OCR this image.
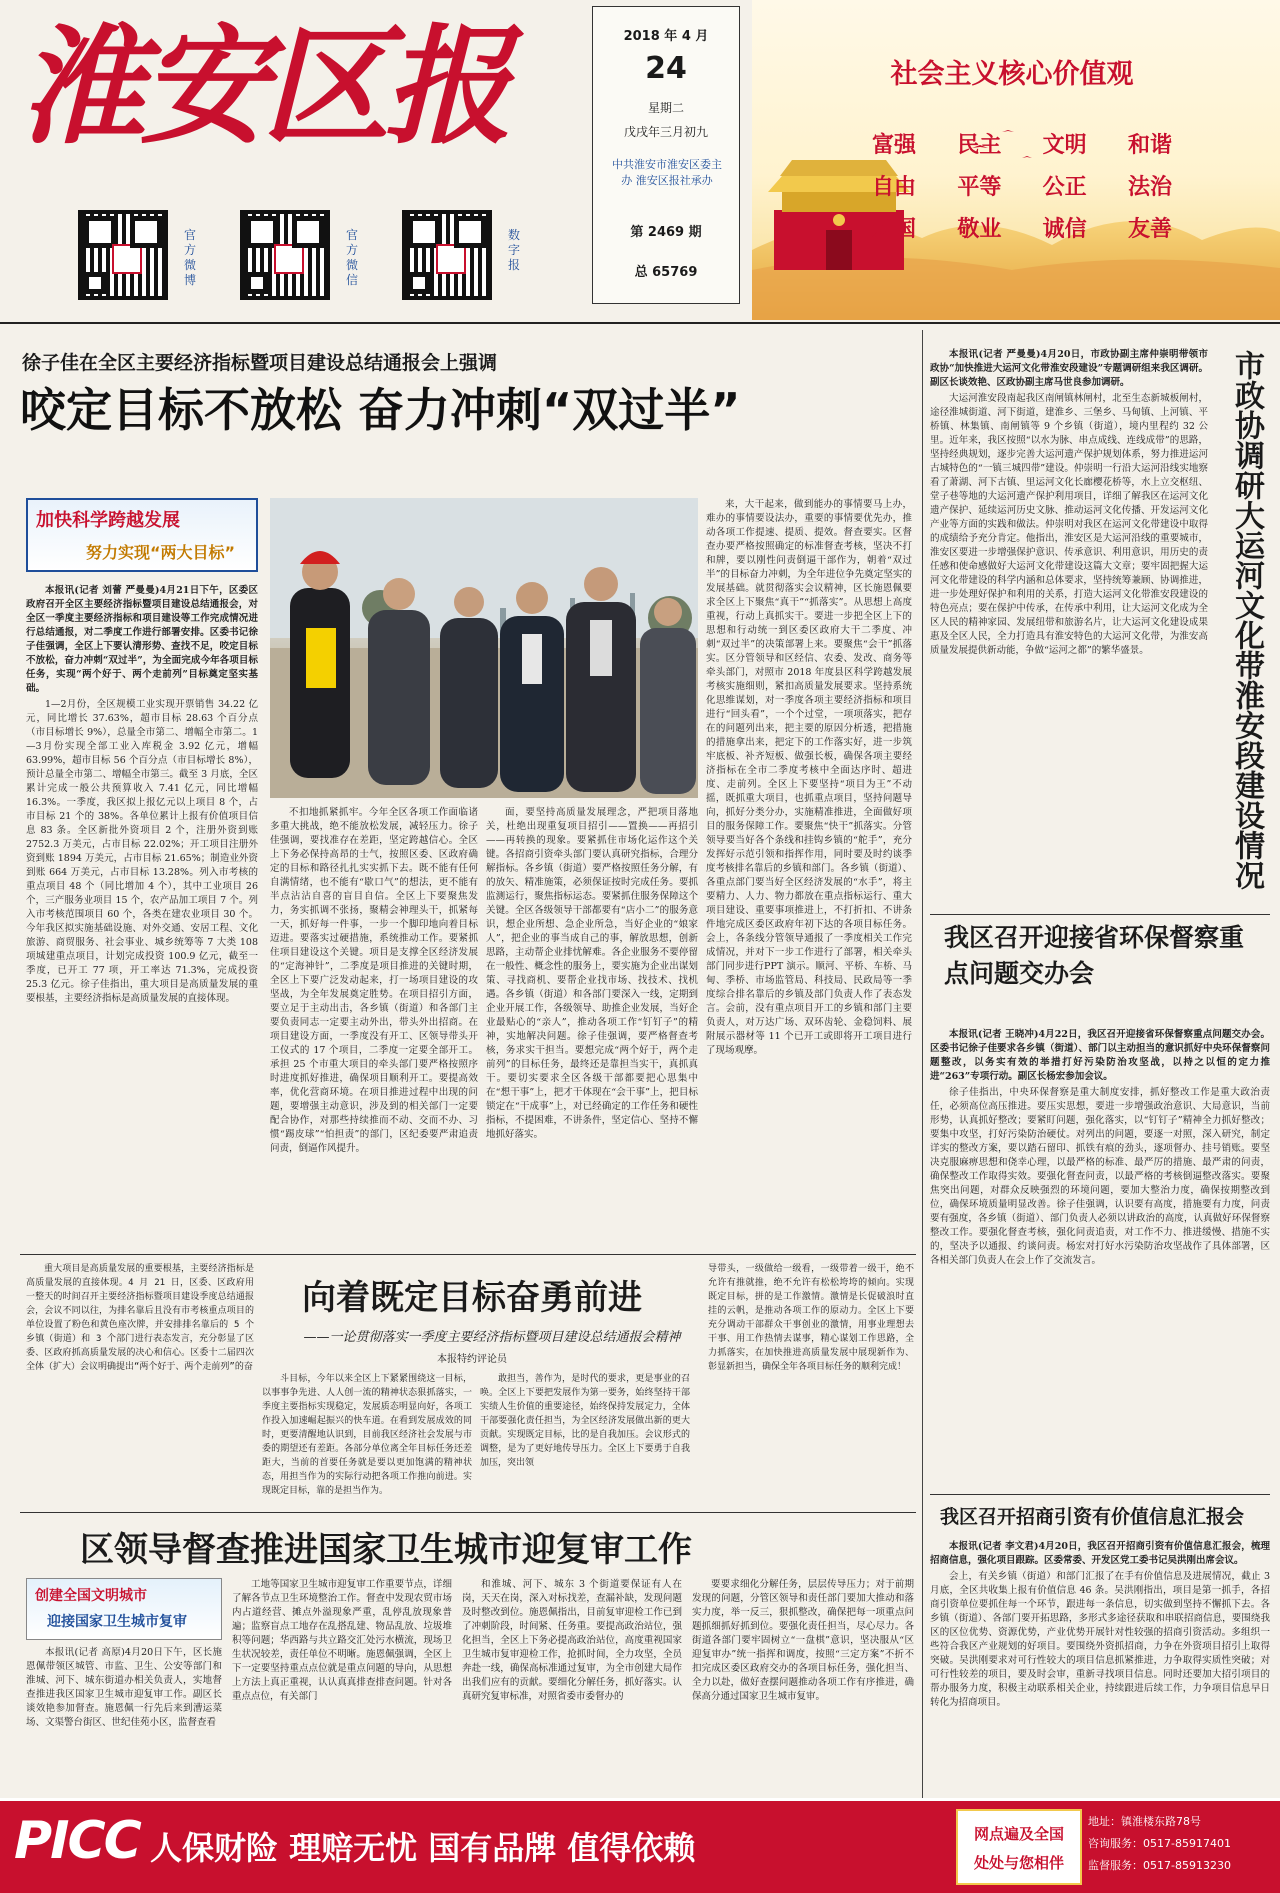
淮安区报
官方微博
官方微信
数字报
2018 年 4 月
24
星期二
戊戌年三月初九
中共淮安市淮安区委主办 淮安区报社承办
第 2469 期
总 65769
社会主义核心价值观
富强 民主 文明 和谐
自由 平等 公正 法治
爱国 敬业 诚信 友善
徐子佳在全区主要经济指标暨项目建设总结通报会上强调
咬定目标不放松 奋力冲刺“双过半”
加快科学跨越发展
努力实现“两大目标”

本报讯(记者 刘蕾 严曼曼)4月21日下午，区委区政府召开全区主要经济指标暨项目建设总结通报会，对全区一季度主要经济指标和项目建设等工作完成情况进行总结通报，对二季度工作进行部署安排。区委书记徐子佳强调，全区上下要认清形势、查找不足，咬定目标不放松，奋力冲刺“双过半”，为全面完成今年各项目标任务，实现“两个好于、两个走前列”目标奠定坚实基础。

1—2月份，全区规模工业实现开票销售 34.22 亿元，同比增长 37.63%，超市目标 28.63 个百分点（市目标增长 9%），总量全市第二、增幅全市第二。1—3月份实现全部工业入库税金 3.92 亿元，增幅 63.99%，超市目标 56 个百分点（市目标增长 8%），预计总量全市第二、增幅全市第三。截至 3 月底，全区累计完成一般公共预算收入 7.41 亿元，同比增幅 16.3%。一季度，我区拟上报亿元以上项目 8 个，占市目标 21 个的 38%。各单位累计上报有价值项目信息 83 条。全区新批外资项目 2 个，注册外资到账 2752.3 万美元，占市目标 22.02%；开工项目注册外资到账 1894 万美元，占市目标 21.65%；制造业外资到账 664 万美元，占市目标 13.28%。列入市考核的重点项目 48 个（同比增加 4 个），其中工业项目 26 个，三产服务业项目 15 个，农产品加工项目 7 个。列入市考核范围项目 60 个，各类在建农业项目 30 个。今年我区拟实施基础设施、对外交通、安居工程、文化旅游、商贸服务、社会事业、城乡统筹等 7 大类 108 项城建重点项目，计划完成投资 100.9 亿元，截至一季度，已开工 77 项，开工率达 71.3%，完成投资 25.3 亿元。徐子佳指出，重大项目是高质量发展的重要根基，主要经济指标是高质量发展的直接体现。

不扣地抓紧抓牢。今年全区各项工作面临诸多重大挑战，绝不能放松发展，减轻压力。徐子佳强调，要找准存在差距，坚定跨越信心。全区上下务必保持高昂的士气，按照区委、区政府确定的目标和路径扎扎实实抓下去。既不能有任何自满情绪，也不能有“歇口气”的想法，更不能有半点沾沾自喜的盲目自信。全区上下要聚焦发力，务实抓调不张扬，聚精会神理头干，抓紧每一天，抓好每一件事，一步一个脚印地向着目标迈进。要落实过硬措施，系统推动工作。要紧抓住项目建设这个关键。项目是支撑全区经济发展的“定海神针”，二季度是项目推进的关键时期，全区上下要广泛发动起来，打一场项目建设的攻坚战，为全年发展奠定胜势。在项目招引方面，要立足于主动出击，各乡镇（街道）和各部门主要负责同志一定要主动外出，带头外出招商。在项目建设方面，一季度没有开工、区领导带头开工仪式的 17 个项目，二季度一定要全部开工。承担 25 个市重大项目的牵头部门要严格按照序时进度抓好推进，确保项目顺利开工。要提高效率，优化营商环境。在项目推进过程中出现的问题，要增强主动意识，涉及到的相关部门一定要配合协作，对那些持续推而不动、交而不办、习惯“踢皮球”“怕担责”的部门，区纪委要严肃追责问责，倒逼作风提升。
面，要坚持高质量发展理念，严把项目落地关，杜绝出现重复项目招引——置换——再招引——再转换的现象。要紧抓住市场化运作这个关键。各招商引资牵头部门要认真研究指标，合理分解指标。各乡镇（街道）要严格按照任务分解，有的放矢、精准施策，必须保证按时完成任务。要抓监测运行，聚焦指标运态。要紧抓住服务保障这个关键。全区各级领导干部都要有“店小二”的服务意识，想企业所想、急企业所急，当好企业的“娘家人”，把企业的事当成自己的事，解放思想，创新思路，主动帮企业排忧解难。各企业服务不要停留在一般性、概念性的服务上，要实施为企业出谋划策、寻找商机、要帮企业找市场、找技术、找机遇。各乡镇（街道）和各部门要深入一线，定期到企业开展工作，各级领导、助推企业发展，当好企业最贴心的“亲人”，推动各项工作“钉钉子”的精神，实地解决问题。徐子佳强调，要严格督查考核，务求实干担当。要想完成“两个好于，两个走前列”的目标任务，最终还是靠担当实干，真抓真干。要切实要求全区各级干部都要把心思集中在“想干事”上，把才干体现在“会干事”上，把目标锁定在“干成事”上，对已经确定的工作任务和硬性指标，不提困难，不讲条件，坚定信心、坚持不懈地抓好落实。
来，大干起来，做到能办的事情要马上办，难办的事情要设法办，重要的事情要优先办，推动各项工作提速、提质、提效。督查要实。区督查办要严格按照确定的标准督查考核，坚决不打和牌，要以刚性问责倒逼干部作为，朝着“双过半”的目标奋力冲刺，为全年进位争先奠定坚实的发展基础。就贯彻落实会议精神，区长施恩佩要求全区上下聚焦“真干”“抓落实”。从思想上高度重视，行动上真抓实干。要进一步把全区上下的思想和行动统一到区委区政府大干二季度、冲刺“双过半”的决策部署上来。要聚焦“会干”抓落实。区分管领导和区经信、农委、发改、商务等牵头部门，对照市 2018 年度县区科学跨越发展考核实施细则，紧扣高质量发展要求。坚持系统化思维谋划，对一季度各项主要经济指标和项目进行“回头看”，一个个过堂，一项项落实，把存在的问题列出来，把主要的原因分析透，把措施的措施拿出来，把定下的工作落实好，进一步筑牢底板、补齐短板、做强长板，确保各项主要经济指标在全市二季度考核中全面达序时、超进度、走前列。全区上下要坚持“项目为王”不动摇，既抓重大项目，也抓重点项目，坚持问题导向，抓好分类分办，实施精准推进，全面做好项目的服务保障工作。要聚焦“快干”抓落实。分管领导要当好各个条线和挂钩乡镇的“舵手”，充分发挥好示范引领和指挥作用，同时要及时约谈季度考核排名靠后的乡镇和部门。各乡镇（街道）、各重点部门要当好全区经济发展的“水手”，将主要精力、人力、物力都放在重点指标运行、重大项目建设、重要事项推进上，不打折扣、不讲条件地完成区委区政府年初下达的各项目标任务。会上，各条线分管领导通报了一季度相关工作完成情况，并对下一步工作进行了部署，相关牵头部门同步进行PPT 演示。顺河、平桥、车桥、马甸、季桥、市场监管局、科技局、民政局等一季度综合排名靠后的乡镇及部门负责人作了表态发言。会前，没有重点项目开工的乡镇和部门主要负责人，对万达广场、双环齿轮、金稳饲料、展附展示器材等 11 个已开工或即将开工项目进行了现场观摩。
重大项目是高质量发展的重要根基，主要经济指标是高质量发展的直接体现。4 月 21 日，区委、区政府用一整天的时间召开主要经济指标暨项目建设季度总结通报会，会议不同以往，为排名靠后且没有市考核重点项目的单位设置了粉色和黄色座次牌，并安排排名靠后的 5 个乡镇（街道）和 3 个部门进行表态发言，充分彰显了区委、区政府抓高质量发展的决心和信心。区委十二届四次全体（扩大）会议明确提出“两个好于、两个走前列”的奋
向着既定目标奋勇前进
——一论贯彻落实一季度主要经济指标暨项目建设总结通报会精神
本报特约评论员
斗目标，今年以来全区上下紧紧围绕这一目标，以事事争先进、人人创一流的精神状态狠抓落实，一季度主要指标实现稳定，发展质态明显向好，各项工作投入加速崛起振兴的快车道。在看到发展成效的同时，更要清醒地认识到，目前我区经济社会发展与市委的期望还有差距。各部分单位离全年目标任务还差距大，当前的首要任务就是要以更加饱满的精神状态，用担当作为的实际行动把各项工作推向前进。实现既定目标，靠的是担当作为。
敢担当，善作为，是时代的要求，更是事业的召唤。全区上下要把发展作为第一要务，始终坚持干部实绩人生价值的重要途径，始终保持发展定力，全体干部要强化责任担当，为全区经济发展做出新的更大贡献。实现既定目标，比的是自我加压。会议形式的调整，是为了更好地传导压力。全区上下要勇于自我加压，突出领
导带头，一级做给一级看，一级带着一级干，绝不允许有推就推，绝不允许有松松垮垮的倾向。实现既定目标，拼的是工作激情。激情是长促破浪时直挂的云帆，是推动各项工作的原动力。全区上下要充分调动干部群众干事创业的激情，用事业理想去干事、用工作热情去谋事，精心谋划工作思路，全力抓落实，在加快推进高质量发展中展现新作为、彰显新担当，确保全年各项目标任务的顺利完成！
区领导督查推进国家卫生城市迎复审工作
创建全国文明城市
迎接国家卫生城市复审
本报讯(记者 高原)4月20日下午，区长施恩佩带领区城管、市监、卫生、公安等部门和淮城、河下、城东街道办相关负责人，实地督查推进我区国家卫生城市迎复审工作。副区长谈效艳参加督查。施恩佩一行先后来到漕运菜场、文渠警台街区、世纪佳苑小区，监督查看
工地等国家卫生城市迎复审工作重要节点，详细了解各节点卫生环境整治工作。督查中发现农贸市场内占道经营、摊点外溢现象严重，乱停乱放现象普遍；监察盲点工地存在乱搭乱建、物品乱放、垃圾堆积等问题；华西路与共立路交汇处污水横流，现场卫生状况较差，责任单位不明晰。施恩佩强调，全区上下一定要坚持重点点位就是重点问题的导向，从思想上方法上真正重视，认认真真排查排查问题。针对各重点点位，有关部门
和淮城、河下、城东 3 个街道要保证有人在岗，天天在岗，深入对标找差，查漏补缺，发现问题及时整改到位。施恩佩指出，目前复审迎检工作已到了冲刺阶段，时间紧、任务重。要提高政治站位，强化担当，全区上下务必提高政治站位，高度重视国家卫生城市复审迎检工作，抢抓时间，全力攻坚，全员奔赴一线，确保高标准通过复审，为全市创建大局作出我们应有的贡献。要细化分解任务，抓好落实。认真研究复审标准，对照省委市委督办的
要要求细化分解任务，层层传导压力；对于前期发现的问题，分管区领导和责任部门要加大推动和落实力度，举一反三，狠抓整改，确保把每一项重点问题抓细抓好抓到位。要强化责任担当，尽心尽力。各街道各部门要牢固树立“一盘棋”意识，坚决服从“区迎复审办”统一指挥和调度，按照“三定方案”不折不扣完成区委区政府交办的各项目标任务，强化担当、全力以赴，做好查摆问题推动各项工作有序推进，确保高分通过国家卫生城市复审。

本报讯(记者 严曼曼)4月20日，市政协副主席仲崇明带领市政协“加快推进大运河文化带淮安段建设”专题调研组来我区调研。副区长谈效艳、区政协副主席马世良参加调研。

大运河淮安段南起我区南闸镇林闸村，北至生态新城板闸村，途径淮城街道、河下街道，建淮乡、三堡乡、马甸镇、上河镇、平桥镇、林集镇、南闸镇等 9 个乡镇（街道），境内里程约 32 公里。近年来，我区按照“以水为脉、串点成线、连线成带”的思路，坚持经典规划，逐步完善大运河遗产保护规划体系，努力推进运河古城特色的“一镇三城四带”建设。仲崇明一行沿大运河沿线实地察看了萧湖、河下古镇、里运河文化长廊樱花桥等，水上立交枢纽、堂子巷等地的大运河遗产保护利用项目，详细了解我区在运河文化遗产保护、延续运河历史文脉、推动运河文化传播、开发运河文化产业等方面的实践和做法。仲崇明对我区在运河文化带建设中取得的成绩给予充分肯定。他指出，淮安区是大运河沿线的重要城市，淮安区要进一步增强保护意识、传承意识、利用意识，用历史的责任感和使命感做好大运河文化带建设这篇大文章；要牢固把握大运河文化带建设的科学内涵和总体要求，坚持统筹兼顾、协调推进，进一步处理好保护和利用的关系，打造大运河文化带淮安段建设的特色亮点；要在保护中传承，在传承中利用，让大运河文化成为全区人民的精神家园、发展纽带和旅游名片，让大运河文化建设成果惠及全区人民，全力打造具有淮安特色的大运河文化带，为淮安高质量发展提供新动能，争做“运河之都”的繁华盛景。	市政协调研大运河文化带淮安段建设情况
我区召开迎接省环保督察重点问题交办会

本报讯(记者 王晓冲)4月22日，我区召开迎接省环保督察重点问题交办会。区委书记徐子佳要求各乡镇（街道）、部门以主动担当的意识抓好中央环保督察问题整改，以务实有效的举措打好污染防治攻坚战，以持之以恒的定力推进“263”专项行动。副区长杨宏参加会议。

徐子佳指出，中央环保督察是重大制度安排，抓好整改工作是重大政治责任，必须高位高压推进。要压实思想，要进一步增强政治意识、大局意识，当前形势，认真抓好整改；要紧盯问题，强化落实，以“钉钉子”精神全力抓好整改；要集中攻坚，打好污染防治硬仗。对列出的问题，要逐一对照，深入研究，制定详实的整改方案，要以踏石留印、抓铁有痕的劲头，逐项督办、挂号销账。要坚决克服麻痹思想和侥幸心理，以最严格的标准、最严厉的措施、最严肃的问责，确保整改工作取得实效。要强化督查问责，以最严格的考核倒逼整改落实。要聚焦突出问题，对群众反映强烈的环境问题，要加大整治力度，确保按期整改到位，确保环境质量明显改善。徐子佳强调，认识要有高度，措施要有力度，问责要有强度，各乡镇（街道）、部门负责人必须以讲政治的高度，认真做好环保督察整改工作。要强化督查考核，强化问责追责，对工作不力、推进缓慢、措施不实的，坚决予以通报、约谈问责。杨宏对打好水污染防治攻坚战作了具体部署，区各相关部门负责人在会上作了交流发言。

我区召开招商引资有价值信息汇报会

本报讯(记者 李文君)4月20日，我区召开招商引资有价值信息汇报会，梳理招商信息，强化项目跟踪。区委常委、开发区党工委书记吴洪刚出席会议。

会上，有关乡镇（街道）和部门汇报了在手有价值信息及进展情况，截止 3 月底，全区共收集上报有价值信息 46 条。吴洪刚指出，项目是第一抓手，各招商引资单位要抓住每一个环节，跟进每一条信息，切实做到坚持不懈抓下去。各乡镇（街道）、各部门要开拓思路，多形式多途径获取和串联招商信息，要围绕我区的区位优势、资源优势，产业优势开展针对性较强的招商引资活动。多组织一些符合我区产业规划的好项目。要围绕外资抓招商，力争在外资项目招引上取得突破。吴洪刚要求对可行性较大的项目信息抓紧推进，力争取得实质性突破；对可行性较差的项目，要及时会审，重新寻找项目信息。同时还要加大招引项目的帮办服务力度，积极主动联系相关企业，持续跟进后续工作，力争项目信息早日转化为招商项目。

PICC 人保财险 理赔无忧 国有品牌 值得依赖	网点遍及全国
处处与您相伴
地址：镇淮楼东路78号
咨询服务：0517-85917401
监督服务：0517-85913230
